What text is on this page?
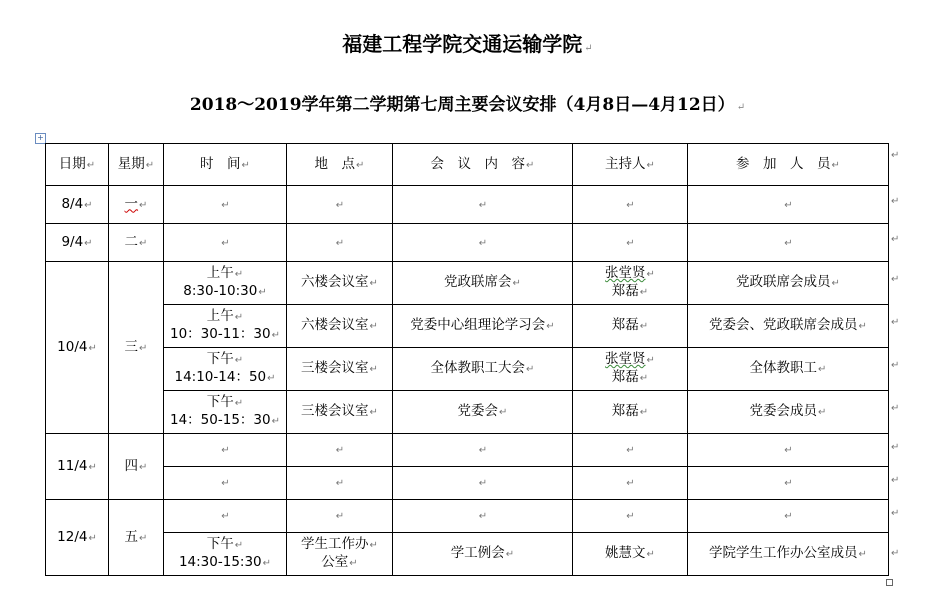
福建工程学院交通运输学院 ↵
2018～2019学年第二学期第七周主要会议安排（4月8日—4月12日） ↵
+
日期↵	星期↵	时　间↵	地　点↵	会　议　内　容↵	主持人↵	参　加　人　员↵
8/4↵	一↵	↵	↵	↵	↵	↵
9/4↵	二↵	↵	↵	↵	↵	↵
10/4↵	三↵	上午↵
8:30-10:30↵	六楼会议室↵	党政联席会↵	张堂贤↵
郑磊↵	党政联席会成员↵
		上午↵
10：30-11：30↵	六楼会议室↵	党委中心组理论学习会↵	郑磊↵	党委会、党政联席会成员↵
		下午↵
14:10-14：50↵	三楼会议室↵	全体教职工大会↵	张堂贤↵
郑磊↵	全体教职工↵
		下午↵
14：50-15：30↵	三楼会议室↵	党委会↵	郑磊↵	党委会成员↵
11/4↵	四↵	↵	↵	↵	↵	↵
		↵	↵	↵	↵	↵
12/4↵	五↵	↵	↵	↵	↵	↵
		下午↵
14:30-15:30↵	学生工作办↵
公室↵	学工例会↵	姚慧文↵	学院学生工作办公室成员↵
↵
↵
↵
↵
↵
↵
↵
↵
↵
↵
↵
